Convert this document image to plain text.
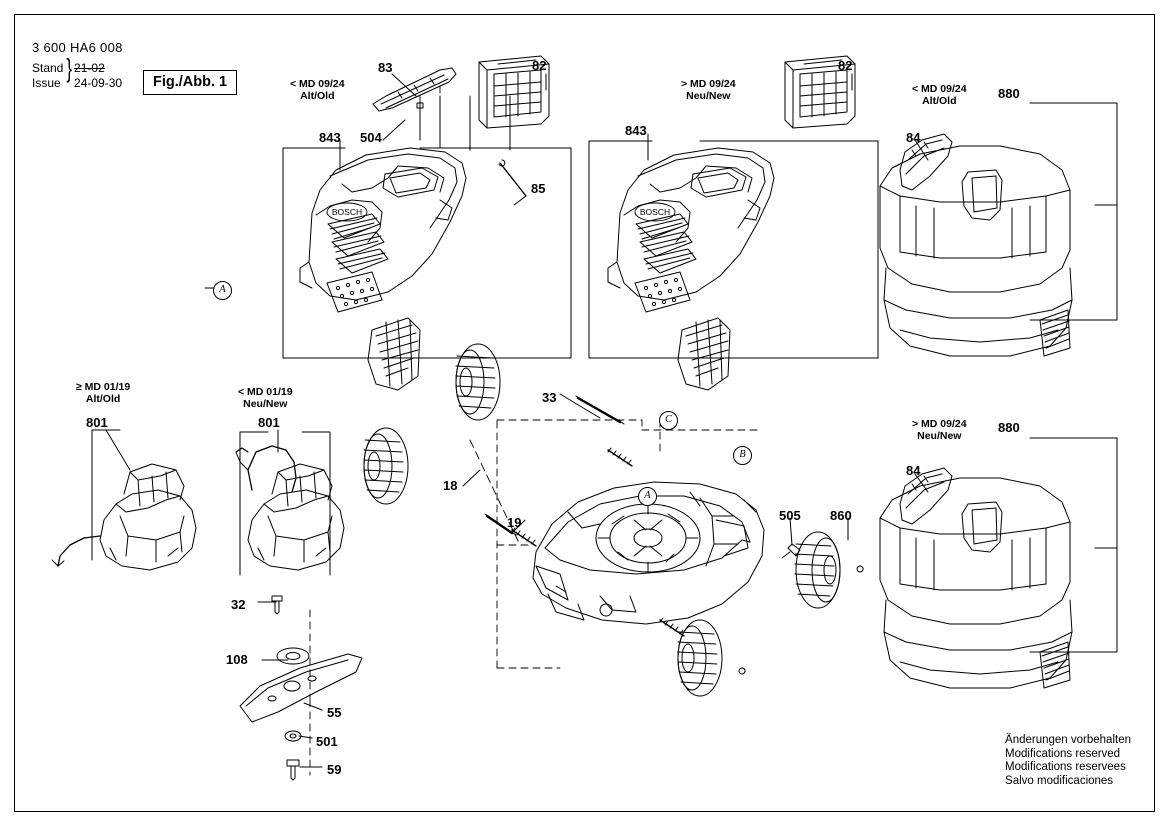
3 600 HA6 008
Stand
Issue
} 21-02
24-09-30	Fig./Abb. 1	< MD 09/24
Alt/Old
> MD 09/24
Neu/New
< MD 09/24
Alt/Old
> MD 09/24
Neu/New
≥ MD 01/19
Alt/Old
< MD 01/19
Neu/New
Änderungen vorbehalten
Modifications reserved
Modifications reservees
Salvo modificaciones
BOSCH	BOSCH
83	82	82
880
880
843 504	843	84
84
85
33
801	801
18
19	505 860
32
108
55
501
59
A
C
B
A
